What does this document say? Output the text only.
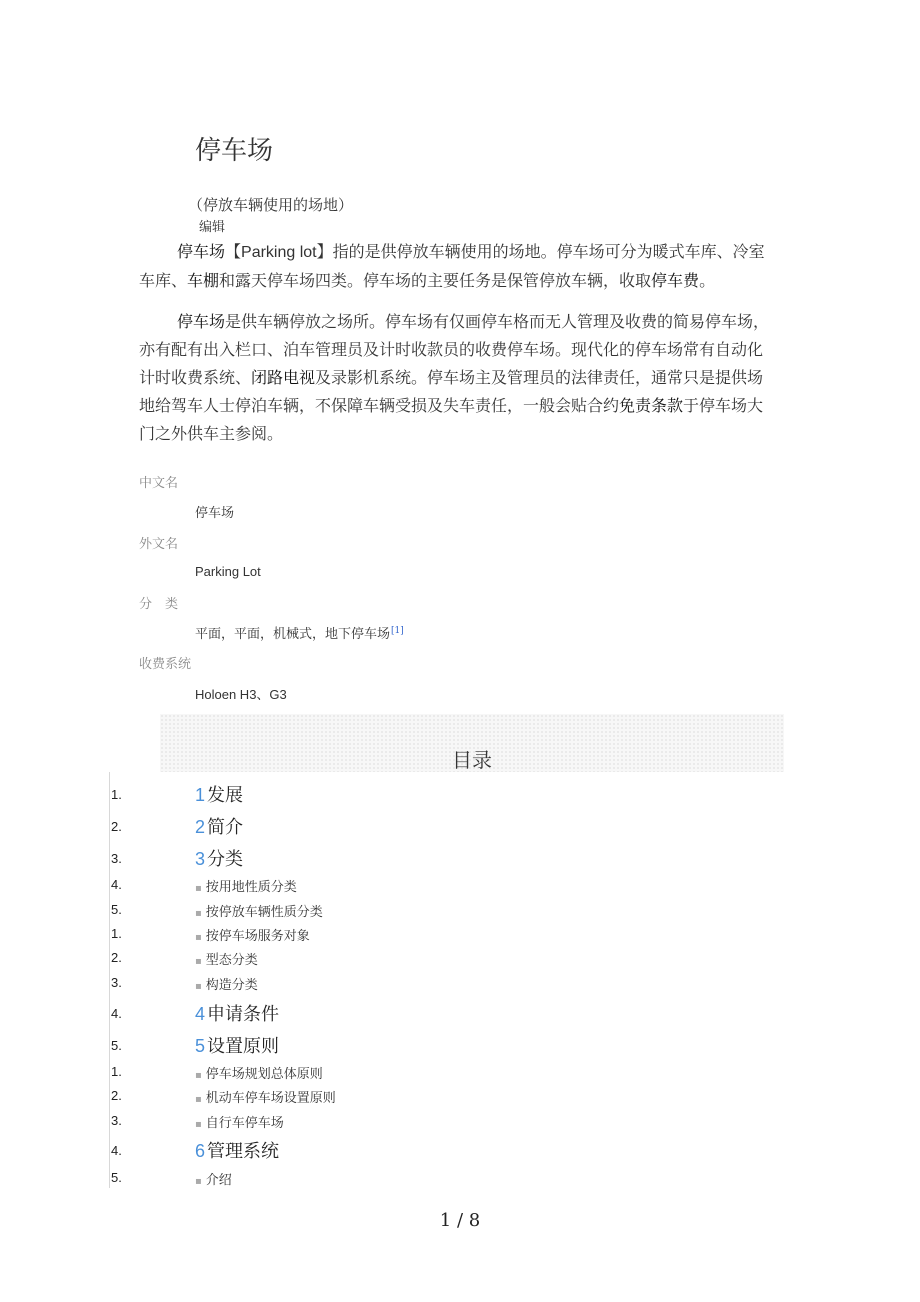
停车场
（停放车辆使用的场地）
编辑
停车场【Parking lot】指的是供停放车辆使用的场地。停车场可分为暖式车库、冷室车库、车棚和露天停车场四类。停车场的主要任务是保管停放车辆，收取停车费。
停车场是供车辆停放之场所。停车场有仅画停车格而无人管理及收费的简易停车场，亦有配有出入栏口、泊车管理员及计时收款员的收费停车场。现代化的停车场常有自动化计时收费系统、闭路电视及录影机系统。停车场主及管理员的法律责任，通常只是提供场地给驾车人士停泊车辆，不保障车辆受损及失车责任，一般会贴合约免责条款于停车场大门之外供车主参阅。
中文名
停车场
外文名
Parking Lot
分　类
平面，平面，机械式，地下停车场[1]
收费系统
Holoen H3、G3
目录
1.	1 发展
2.	2 简介
3.	3 分类
4.	▪ 按用地性质分类
5.	▪ 按停放车辆性质分类
1.	▪ 按停车场服务对象
2.	▪ 型态分类
3.	▪ 构造分类
4.	4 申请条件
5.	5 设置原则
1.	▪ 停车场规划总体原则
2.	▪ 机动车停车场设置原则
3.	▪ 自行车停车场
4.	6 管理系统
5.	▪ 介绍
1 / 8
